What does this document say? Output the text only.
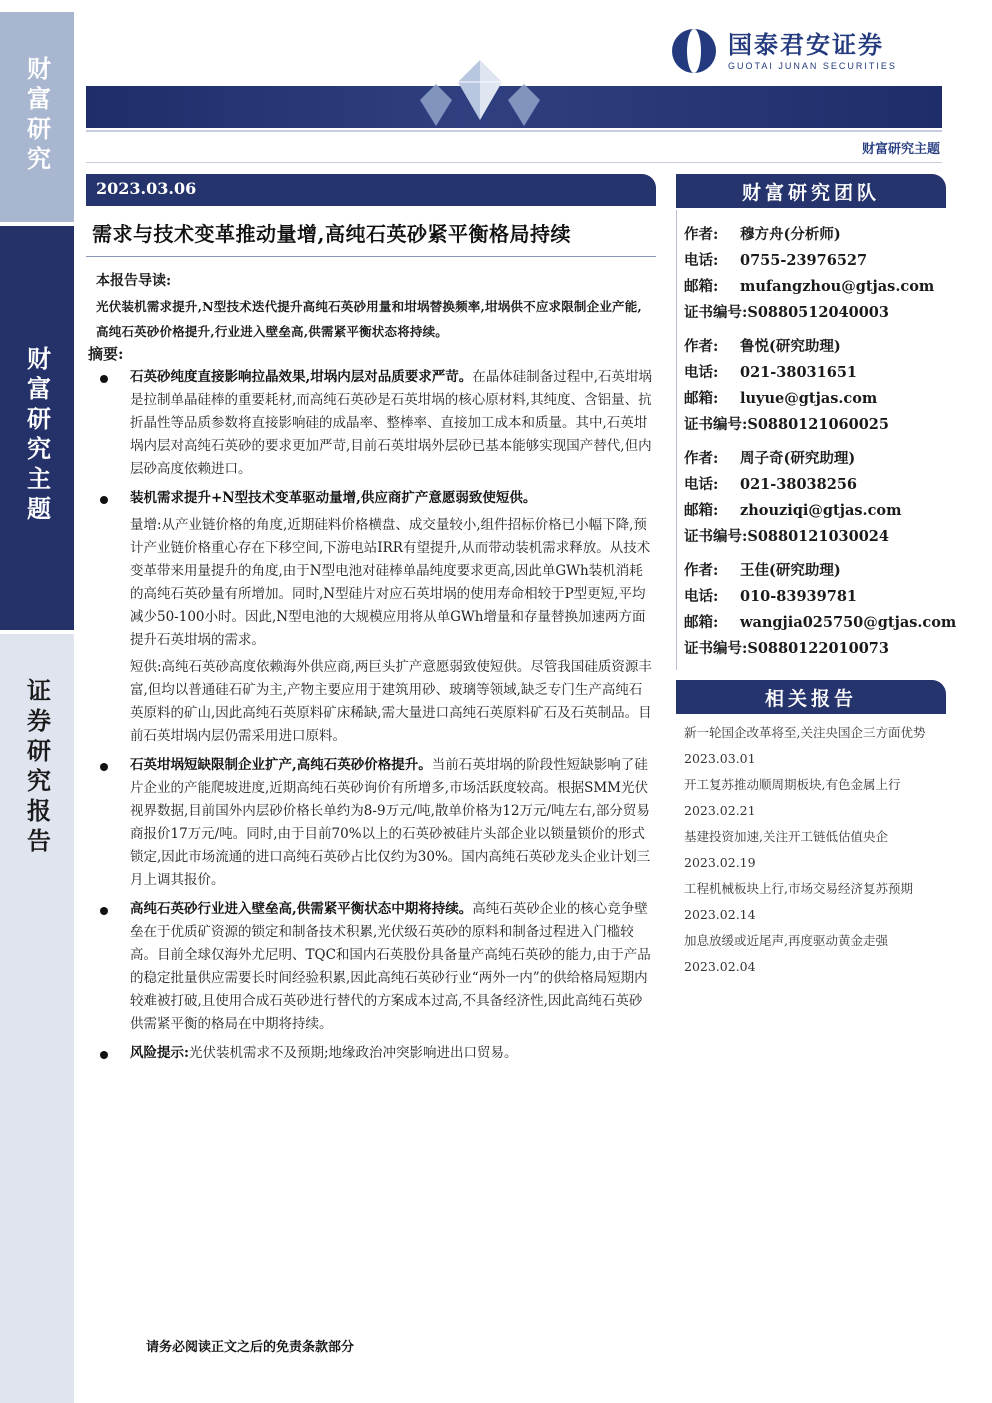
财富研究
财富研究主题
证券研究报告
国泰君安证券
GUOTAI JUNAN SECURITIES
财富研究主题
2023.03.06
需求与技术变革推动量增,高纯石英砂紧平衡格局持续
本报告导读:
光伏装机需求提升,N型技术迭代提升高纯石英砂用量和坩埚替换频率,坩埚供不应求限制企业产能,高纯石英砂价格提升,行业进入壁垒高,供需紧平衡状态将持续。
摘要:

石英砂纯度直接影响拉晶效果,坩埚内层对品质要求严苛。在晶体硅制备过程中,石英坩埚是拉制单晶硅棒的重要耗材,而高纯石英砂是石英坩埚的核心原材料,其纯度、含铝量、抗折晶性等品质参数将直接影响硅的成晶率、整棒率、直接加工成本和质量。其中,石英坩埚内层对高纯石英砂的要求更加严苛,目前石英坩埚外层砂已基本能够实现国产替代,但内层砂高度依赖进口。

装机需求提升+N型技术变革驱动量增,供应商扩产意愿弱致使短供。

量增:从产业链价格的角度,近期硅料价格横盘、成交量较小,组件招标价格已小幅下降,预计产业链价格重心存在下移空间,下游电站IRR有望提升,从而带动装机需求释放。从技术变革带来用量提升的角度,由于N型电池对硅棒单晶纯度要求更高,因此单GWh装机消耗的高纯石英砂量有所增加。同时,N型硅片对应石英坩埚的使用寿命相较于P型更短,平均减少50-100小时。因此,N型电池的大规模应用将从单GWh增量和存量替换加速两方面提升石英坩埚的需求。

短供:高纯石英砂高度依赖海外供应商,两巨头扩产意愿弱致使短供。尽管我国硅质资源丰富,但均以普通硅石矿为主,产物主要应用于建筑用砂、玻璃等领域,缺乏专门生产高纯石英原料的矿山,因此高纯石英原料矿床稀缺,需大量进口高纯石英原料矿石及石英制品。目前石英坩埚内层仍需采用进口原料。

石英坩埚短缺限制企业扩产,高纯石英砂价格提升。当前石英坩埚的阶段性短缺影响了硅片企业的产能爬坡进度,近期高纯石英砂询价有所增多,市场活跃度较高。根据SMM光伏视界数据,目前国外内层砂价格长单约为8-9万元/吨,散单价格为12万元/吨左右,部分贸易商报价17万元/吨。同时,由于目前70%以上的石英砂被硅片头部企业以锁量锁价的形式锁定,因此市场流通的进口高纯石英砂占比仅约为30%。国内高纯石英砂龙头企业计划三月上调其报价。

高纯石英砂行业进入壁垒高,供需紧平衡状态中期将持续。高纯石英砂企业的核心竞争壁垒在于优质矿资源的锁定和制备技术积累,光伏级石英砂的原料和制备过程进入门槛较高。目前全球仅海外尤尼明、TQC和国内石英股份具备量产高纯石英砂的能力,由于产品的稳定批量供应需要长时间经验积累,因此高纯石英砂行业“两外一内”的供给格局短期内较难被打破,且使用合成石英砂进行替代的方案成本过高,不具备经济性,因此高纯石英砂供需紧平衡的格局在中期将持续。

风险提示:光伏装机需求不及预期;地缘政治冲突影响进出口贸易。

财富研究团队
作者: 穆方舟(分析师)
电话: 0755-23976527
邮箱: mufangzhou@gtjas.com
证书编号:S0880512040003
作者: 鲁悦(研究助理)
电话: 021-38031651
邮箱: luyue@gtjas.com
证书编号:S0880121060025
作者: 周子奇(研究助理)
电话: 021-38038256
邮箱: zhouziqi@gtjas.com
证书编号:S0880121030024
作者: 王佳(研究助理)
电话: 010-83939781
邮箱: wangjia025750@gtjas.com
证书编号:S0880122010073
相关报告
新一轮国企改革将至,关注央国企三方面优势
2023.03.01
开工复苏推动顺周期板块,有色金属上行
2023.02.21
基建投资加速,关注开工链低估值央企
2023.02.19
工程机械板块上行,市场交易经济复苏预期
2023.02.14
加息放缓或近尾声,再度驱动黄金走强
2023.02.04
请务必阅读正文之后的免责条款部分
